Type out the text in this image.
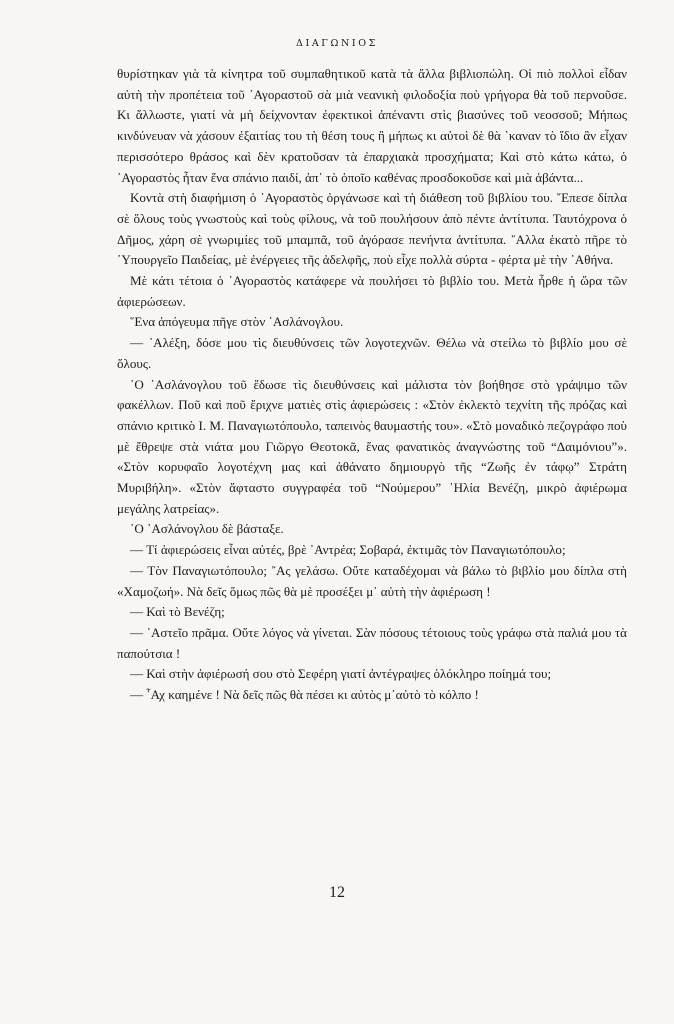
ΔΙΑΓΩΝΙΟΣ

θυρίστηκαν γιὰ τὰ κίνητρα τοῦ συμπαθητικοῦ κατὰ τὰ ἄλλα βιβλιοπώλη. Οἱ πιὸ πολλοὶ εἶδαν αὐτὴ τὴν προπέτεια τοῦ ᾿Αγοραστοῦ σὰ μιὰ νεανικὴ φιλοδοξία ποὺ γρήγορα θὰ τοῦ περνοῦσε. Κι ἄλλωστε, γιατί νὰ μὴ δείχνονταν ἐφεκτικοὶ ἀπέναντι στὶς βιασύνες τοῦ νεοσσοῦ; Μήπως κινδύνευαν νὰ χάσουν ἐξαιτίας του τὴ θέση τους ἢ μήπως κι αὐτοὶ δὲ θὰ ᾿καναν τὸ ἴδιο ἂν εἶχαν περισσότερο θράσος καὶ δὲν κρατοῦσαν τὰ ἐπαρχιακὰ προσχήματα; Καὶ στὸ κάτω κάτω, ὁ ᾿Αγοραστὸς ἦταν ἕνα σπάνιο παιδί, ἀπ᾿ τὸ ὁποῖο καθένας προσδοκοῦσε καὶ μιὰ ἀβάντα...

Κοντὰ στὴ διαφήμιση ὁ ᾿Αγοραστὸς ὀργάνωσε καὶ τὴ διάθεση τοῦ βιβλίου του. ῎Επεσε δίπλα σὲ ὅλους τοὺς γνωστοὺς καὶ τοὺς φίλους, νὰ τοῦ πουλήσουν ἀπὸ πέντε ἀντίτυπα. Ταυτόχρονα ὁ Δῆμος, χάρη σὲ γνωριμίες τοῦ μπαμπᾶ, τοῦ ἀγόρασε πενήντα ἀντίτυπα. ῎Αλλα ἑκατὸ πῆρε τὸ ῾Υπουργεῖο Παιδείας, μὲ ἐνέργειες τῆς ἀδελφῆς, ποὺ εἶχε πολλὰ σύρτα - φέρτα μὲ τὴν ᾿Αθήνα.

Μὲ κάτι τέτοια ὁ ᾿Αγοραστὸς κατάφερε νὰ πουλήσει τὸ βιβλίο του. Μετὰ ἦρθε ἡ ὥρα τῶν ἀφιερώσεων.

῞Ενα ἀπόγευμα πῆγε στὸν ᾿Ασλάνογλου.

— ᾿Αλέξη, δόσε μου τὶς διευθύνσεις τῶν λογοτεχνῶν. Θέλω νὰ στείλω τὸ βιβλίο μου σὲ ὅλους.

῾Ο ᾿Ασλάνογλου τοῦ ἔδωσε τὶς διευθύνσεις καὶ μάλιστα τὸν βοήθησε στὸ γράψιμο τῶν φακέλλων. Ποῦ καὶ ποῦ ἔριχνε ματιὲς στὶς ἀφιερώσεις : «Στὸν ἐκλεκτὸ τεχνίτη τῆς πρόζας καὶ σπάνιο κριτικὸ Ι. Μ. Παναγιωτόπουλο, ταπεινὸς θαυμαστής του». «Στὸ μοναδικὸ πεζογράφο ποὺ μὲ ἔθρεψε στὰ νιάτα μου Γιῶργο Θεοτοκᾶ, ἕνας φανατικὸς ἀναγνώστης τοῦ “Δαιμόνιου”». «Στὸν κορυφαῖο λογοτέχνη μας καὶ ἀθάνατο δημιουργὸ τῆς “Ζωῆς ἐν τάφῳ” Στράτη Μυριβήλη». «Στὸν ἄφταστο συγγραφέα τοῦ “Νούμερου” ᾿Ηλία Βενέζη, μικρὸ ἀφιέρωμα μεγάλης λατρείας».

῾Ο ᾿Ασλάνογλου δὲ βάσταξε.

— Τί ἀφιερώσεις εἶναι αὐτές, βρὲ ᾿Αντρέα; Σοβαρά, ἐκτιμᾶς τὸν Παναγιωτόπουλο;

— Τὸν Παναγιωτόπουλο; ῎Ας γελάσω. Οὔτε καταδέχομαι νὰ βάλω τὸ βιβλίο μου δίπλα στὴ «Χαμοζωή». Νὰ δεῖς ὅμως πῶς θὰ μὲ προσέξει μ᾿ αὐτὴ τὴν ἀφιέρωση !

— Καὶ τὸ Βενέζη;

— ᾿Αστεῖο πρᾶμα. Οὔτε λόγος νὰ γίνεται. Σὰν πόσους τέτοιους τοὺς γράφω στὰ παλιά μου τὰ παπούτσια !

— Καὶ στὴν ἀφιέρωσή σου στὸ Σεφέρη γιατί ἀντέγραψες ὁλόκληρο ποίημά του;

— ῏Αχ καημένε ! Νὰ δεῖς πῶς θὰ πέσει κι αὐτὸς μ᾿αὐτὸ τὸ κόλπο !

12
